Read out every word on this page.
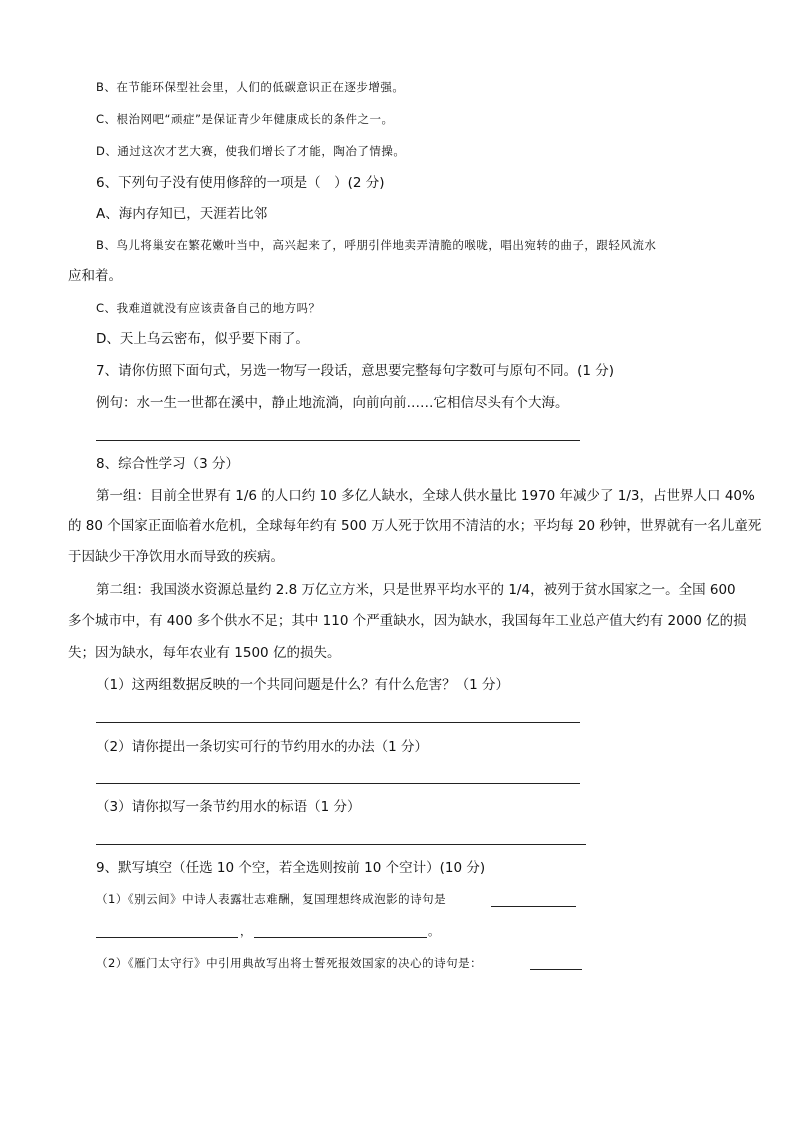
B、在节能环保型社会里，人们的低碳意识正在逐步增强。
C、根治网吧“顽症”是保证青少年健康成长的条件之一。
D、通过这次才艺大赛，使我们增长了才能，陶冶了情操。
6、下列句子没有使用修辞的一项是（　）(2 分)
A、海内存知已，天涯若比邻
B、鸟儿将巢安在繁花嫩叶当中，高兴起来了，呼朋引伴地卖弄清脆的喉咙，唱出宛转的曲子，跟轻风流水
应和着。
C、我难道就没有应该责备自己的地方吗？
D、天上乌云密布，似乎要下雨了。
7、请你仿照下面句式，另选一物写一段话，意思要完整每句字数可与原句不同。(1 分)
例句：水一生一世都在溪中，静止地流淌，向前向前……它相信尽头有个大海。
8、综合性学习（3 分）
第一组：目前全世界有 1/6 的人口约 10 多亿人缺水，全球人供水量比 1970 年减少了 1/3，占世界人口 40%
的 80 个国家正面临着水危机，全球每年约有 500 万人死于饮用不清洁的水；平均每 20 秒钟，世界就有一名儿童死
于因缺少干净饮用水而导致的疾病。
第二组：我国淡水资源总量约 2.8 万亿立方米，只是世界平均水平的 1/4，被列于贫水国家之一。全国 600
多个城市中，有 400 多个供水不足；其中 110 个严重缺水，因为缺水，我国每年工业总产值大约有 2000 亿的损
失；因为缺水，每年农业有 1500 亿的损失。
（1）这两组数据反映的一个共同问题是什么？有什么危害？（1 分）
（2）请你提出一条切实可行的节约用水的办法（1 分）
（3）请你拟写一条节约用水的标语（1 分）
9、默写填空（任选 10 个空，若全选则按前 10 个空计）(10 分)
（1）《别云间》中诗人表露壮志难酬，复国理想终成泡影的诗句是
，	。
（2）《雁门太守行》中引用典故写出将士誓死报效国家的决心的诗句是：
